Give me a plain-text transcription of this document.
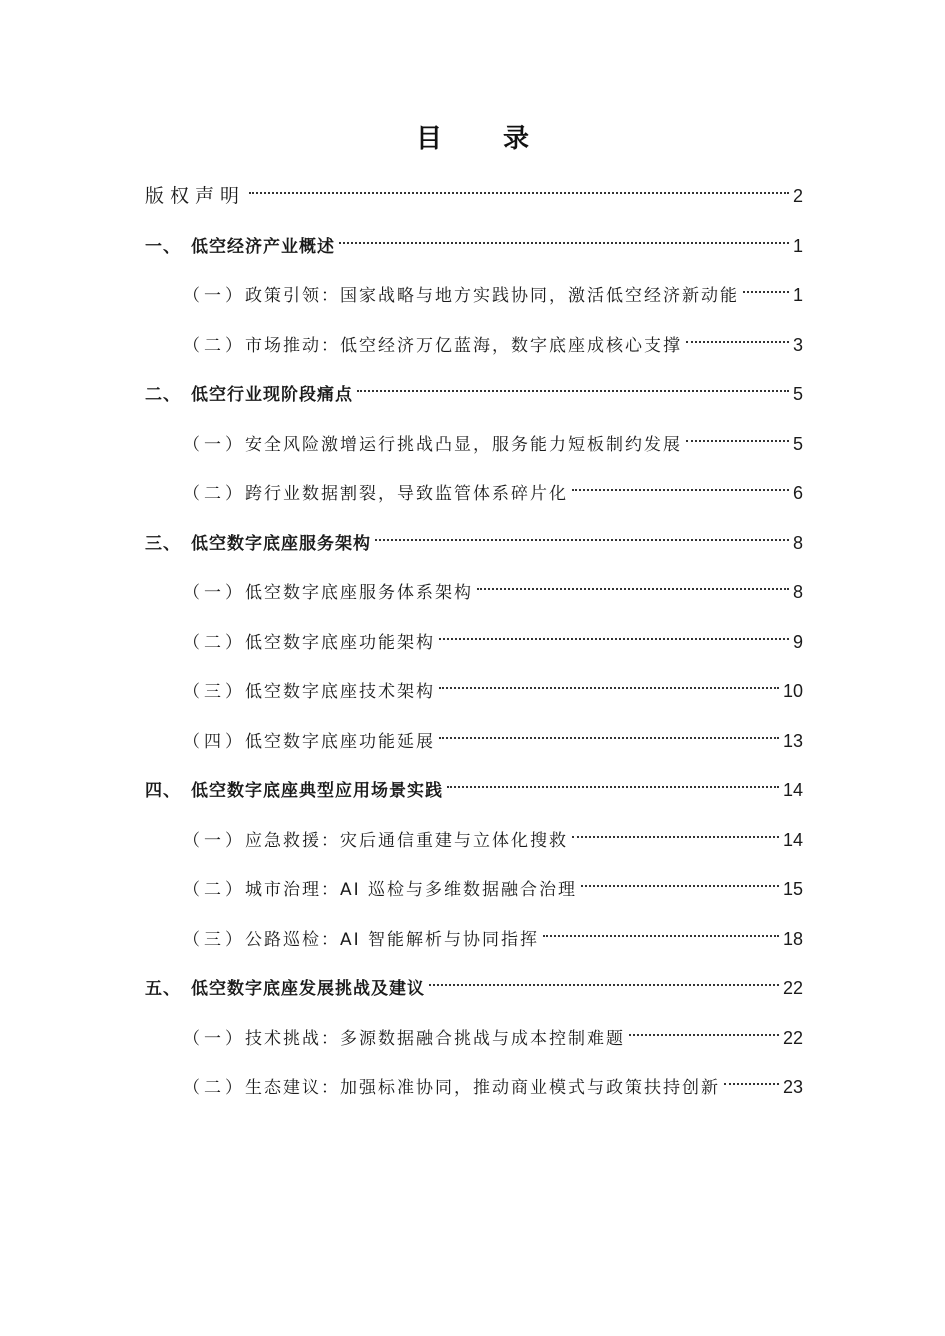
目 录
版权声明	2
一、 低空经济产业概述	1
（一） 政策引领：国家战略与地方实践协同，激活低空经济新动能	1
（二） 市场推动：低空经济万亿蓝海，数字底座成核心支撑	3
二、 低空行业现阶段痛点	5
（一） 安全风险激增运行挑战凸显，服务能力短板制约发展	5
（二） 跨行业数据割裂，导致监管体系碎片化	6
三、 低空数字底座服务架构	8
（一） 低空数字底座服务体系架构	8
（二） 低空数字底座功能架构	9
（三） 低空数字底座技术架构	10
（四） 低空数字底座功能延展	13
四、 低空数字底座典型应用场景实践	14
（一） 应急救援：灾后通信重建与立体化搜救	14
（二） 城市治理：AI 巡检与多维数据融合治理	15
（三） 公路巡检：AI 智能解析与协同指挥	18
五、 低空数字底座发展挑战及建议	22
（一） 技术挑战：多源数据融合挑战与成本控制难题	22
（二） 生态建议：加强标准协同，推动商业模式与政策扶持创新	23
